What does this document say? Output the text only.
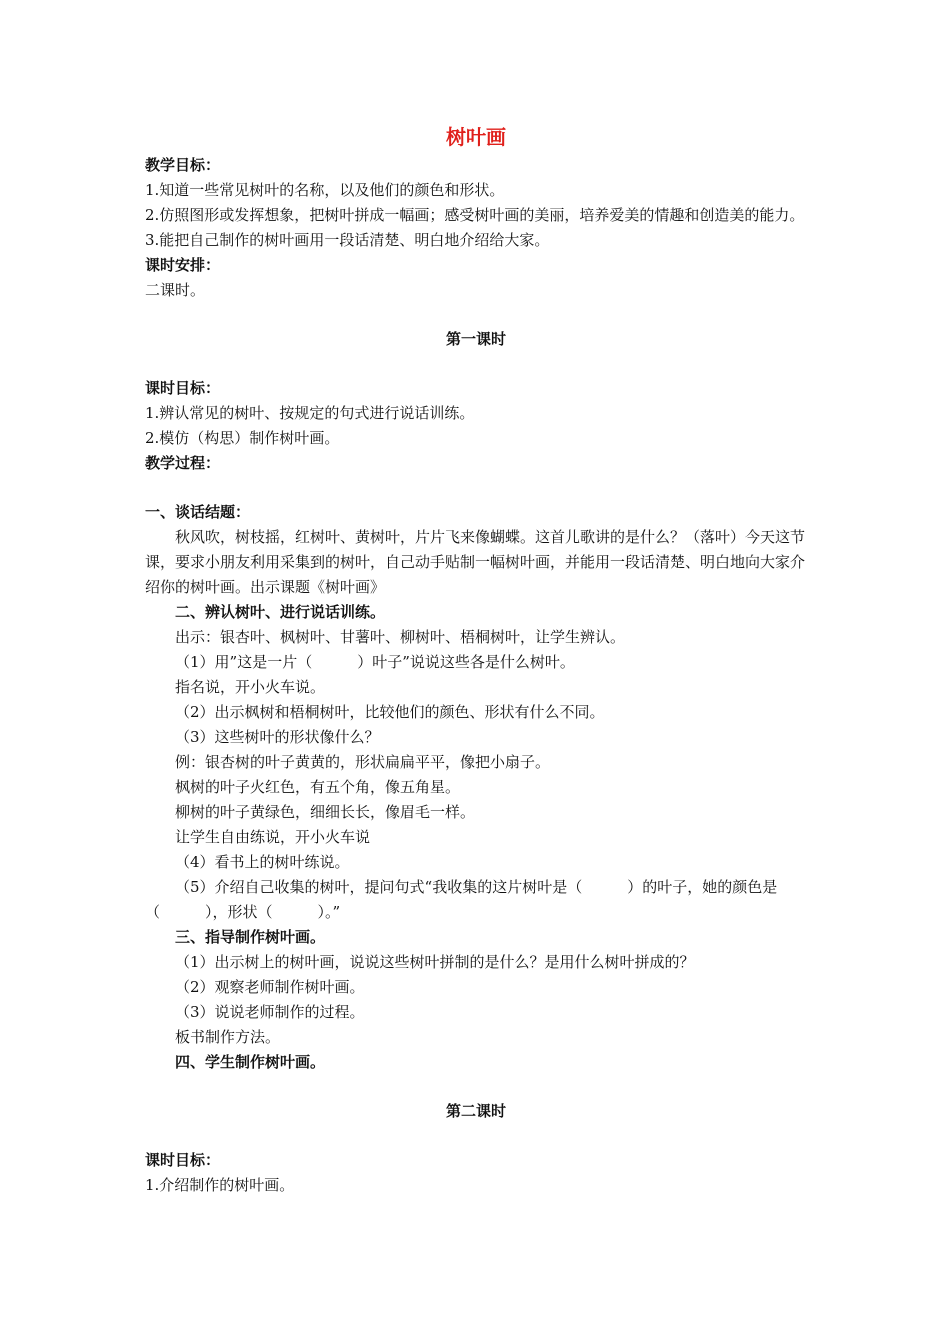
树叶画
教学目标：
1.知道一些常见树叶的名称，以及他们的颜色和形状。
2.仿照图形或发挥想象，把树叶拼成一幅画；感受树叶画的美丽，培养爱美的情趣和创造美的能力。
3.能把自己制作的树叶画用一段话清楚、明白地介绍给大家。
课时安排：
二课时。
第一课时
课时目标：
1.辨认常见的树叶、按规定的句式进行说话训练。
2.模仿（构思）制作树叶画。
教学过程：
一、谈话结题：
秋风吹，树枝摇，红树叶、黄树叶，片片飞来像蝴蝶。这首儿歌讲的是什么？（落叶）今天这节课，要求小朋友利用采集到的树叶，自己动手贴制一幅树叶画，并能用一段话清楚、明白地向大家介绍你的树叶画。出示课题《树叶画》
二、辨认树叶、进行说话训练。
出示：银杏叶、枫树叶、甘薯叶、柳树叶、梧桐树叶，让学生辨认。
（1）用”这是一片（　　　）叶子”说说这些各是什么树叶。
指名说，开小火车说。
（2）出示枫树和梧桐树叶，比较他们的颜色、形状有什么不同。
（3）这些树叶的形状像什么？
例：银杏树的叶子黄黄的，形状扁扁平平，像把小扇子。
枫树的叶子火红色，有五个角，像五角星。
柳树的叶子黄绿色，细细长长，像眉毛一样。
让学生自由练说，开小火车说
（4）看书上的树叶练说。
（5）介绍自己收集的树叶，提问句式“我收集的这片树叶是（　　　）的叶子，她的颜色是（　　　），形状（　　　）。”
三、指导制作树叶画。
（1）出示树上的树叶画，说说这些树叶拼制的是什么？是用什么树叶拼成的？
（2）观察老师制作树叶画。
（3）说说老师制作的过程。
板书制作方法。
四、学生制作树叶画。
第二课时
课时目标：
1.介绍制作的树叶画。
